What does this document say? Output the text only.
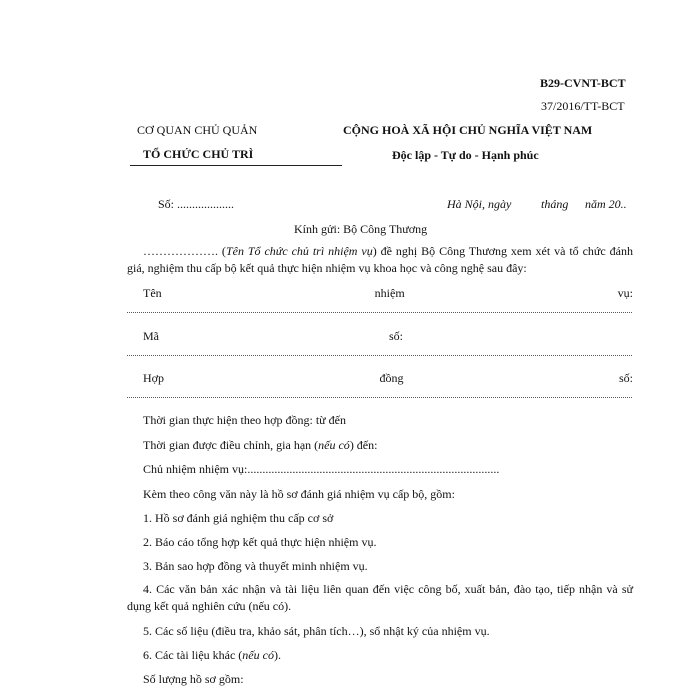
B29-CVNT-BCT
37/2016/TT-BCT
CƠ QUAN CHỦ QUẢN
TỔ CHỨC CHỦ TRÌ
CỘNG HOÀ XÃ HỘI CHỦ NGHĨA VIỆT NAM
Độc lập - Tự do - Hạnh phúc
Số: ...................	Hà Nội, ngày tháng năm 20..
Kính gửi: Bộ Công Thương
………………. (Tên Tổ chức chủ trì nhiệm vụ) đề nghị Bộ Công Thương xem xét và tổ chức đánh giá, nghiệm thu cấp bộ kết quả thực hiện nhiệm vụ khoa học và công nghệ sau đây:
Tên	nhiệm	vụ:
Mã	số:
Hợp	đồng	số:
Thời gian thực hiện theo hợp đồng: từ đến
Thời gian được điều chỉnh, gia hạn (nếu có) đến:
Chủ nhiệm nhiệm vụ:....................................................................................
Kèm theo công văn này là hồ sơ đánh giá nhiệm vụ cấp bộ, gồm:
1. Hồ sơ đánh giá nghiệm thu cấp cơ sở
2. Báo cáo tổng hợp kết quả thực hiện nhiệm vụ.
3. Bản sao hợp đồng và thuyết minh nhiệm vụ.
4. Các văn bản xác nhận và tài liệu liên quan đến việc công bố, xuất bản, đào tạo, tiếp nhận và sử dụng kết quả nghiên cứu (nếu có).
5. Các số liệu (điều tra, khảo sát, phân tích…), sổ nhật ký của nhiệm vụ.
6. Các tài liệu khác (nếu có).
Số lượng hồ sơ gồm:
